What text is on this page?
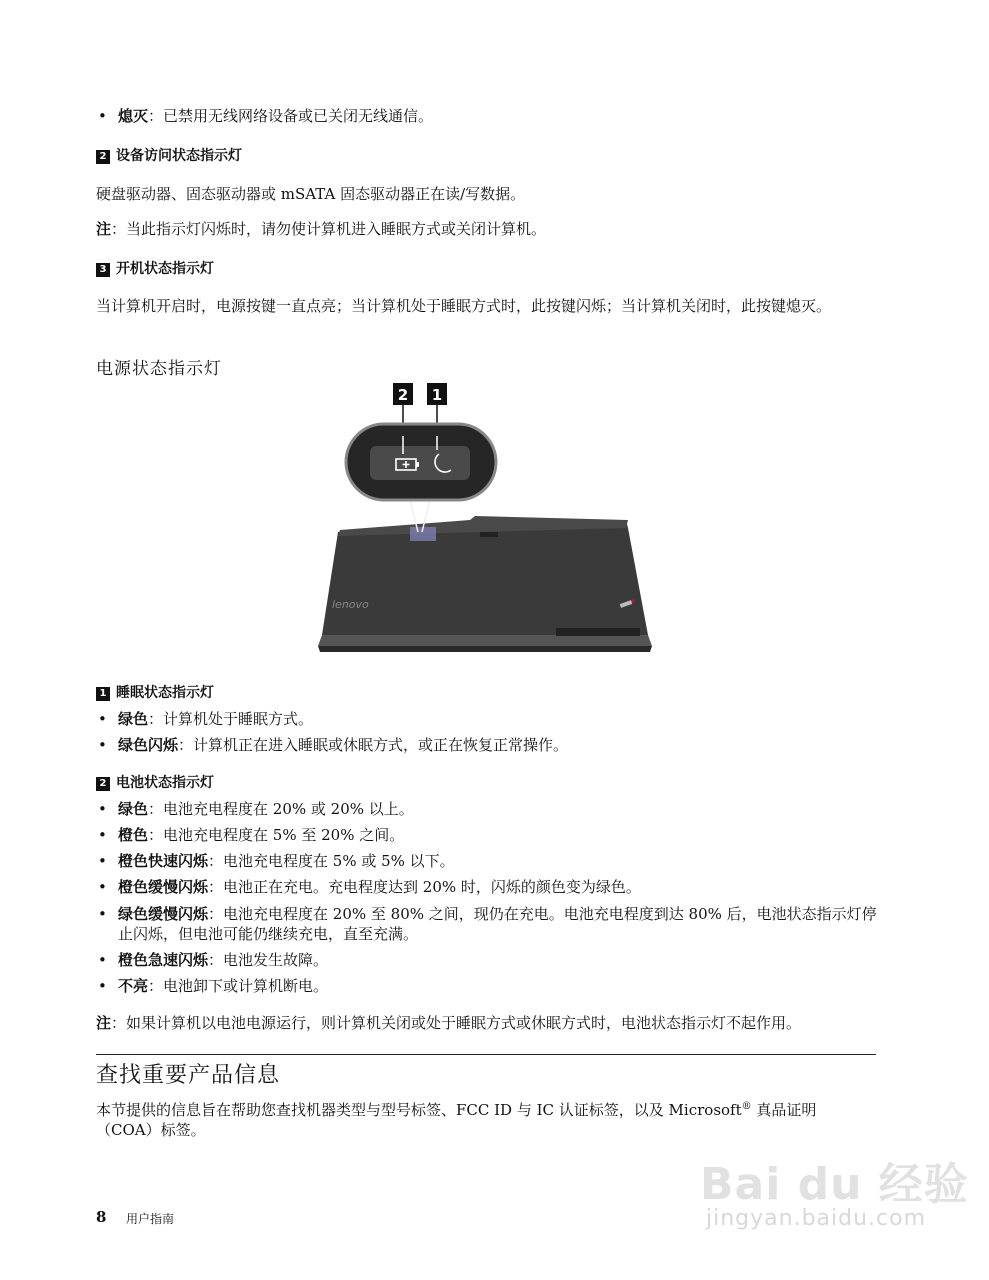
• 熄灭：已禁用无线网络设备或已关闭无线通信。
2 设备访问状态指示灯
硬盘驱动器、固态驱动器或 mSATA 固态驱动器正在读/写数据。
注：当此指示灯闪烁时，请勿使计算机进入睡眠方式或关闭计算机。
3 开机状态指示灯
当计算机开启时，电源按键一直点亮；当计算机处于睡眠方式时，此按键闪烁；当计算机关闭时，此按键熄灭。
电源状态指示灯
2 1
lenovo
1 睡眠状态指示灯
• 绿色：计算机处于睡眠方式。
• 绿色闪烁：计算机正在进入睡眠或休眠方式，或正在恢复正常操作。
2 电池状态指示灯
• 绿色：电池充电程度在 20% 或 20% 以上。
• 橙色：电池充电程度在 5% 至 20% 之间。
• 橙色快速闪烁：电池充电程度在 5% 或 5% 以下。
• 橙色缓慢闪烁：电池正在充电。充电程度达到 20% 时，闪烁的颜色变为绿色。
• 绿色缓慢闪烁：电池充电程度在 20% 至 80% 之间，现仍在充电。电池充电程度到达 80% 后，电池状态指示灯停止闪烁，但电池可能仍继续充电，直至充满。
• 橙色急速闪烁：电池发生故障。
• 不亮：电池卸下或计算机断电。
注：如果计算机以电池电源运行，则计算机关闭或处于睡眠方式或休眠方式时，电池状态指示灯不起作用。
查找重要产品信息
本节提供的信息旨在帮助您查找机器类型与型号标签、FCC ID 与 IC 认证标签，以及 Microsoft® 真品证明（COA）标签。
8 用户指南
Bai du 经验
jingyan.baidu.com
